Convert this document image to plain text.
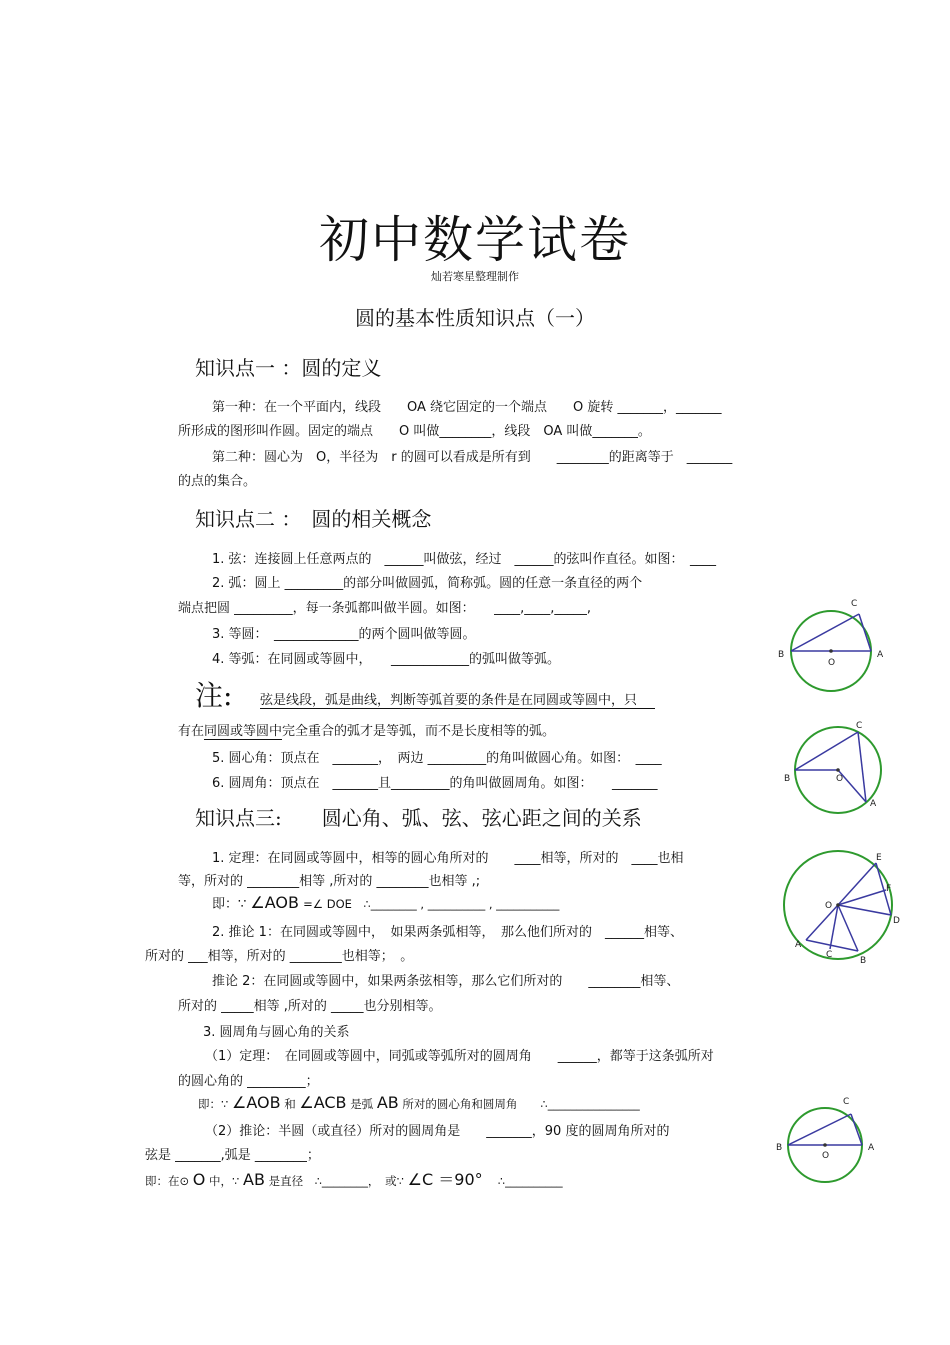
初中数学试卷
灿若寒星整理制作
圆的基本性质知识点（一）
知识点一 ：圆的定义
第一种：在一个平面内，线段　　OA 绕它固定的一个端点　　O 旋转 _______，_______
所形成的图形叫作圆。固定的端点　　O 叫做________，线段　OA 叫做_______。
第二种：圆心为　O，半径为　r 的圆可以看成是所有到　　________的距离等于　_______
的点的集合。
知识点二 ：　圆的相关概念
1. 弦：连接圆上任意两点的　______叫做弦，经过　______的弦叫作直径。如图：　____
2. 弧：圆上 _________的部分叫做圆弧，简称弧。圆的任意一条直径的两个
端点把圆 _________，每一条弧都叫做半圆。如图：　　____,____,_____,
3. 等圆：　_____________的两个圆叫做等圆。
4. 等弧：在同圆或等圆中，　　____________的弧叫做等弧。
注: 弦是线段，弧是曲线，判断等弧首要的条件是在同圆或等圆中，只
有在同圆或等圆中完全重合的弧才是等弧，而不是长度相等的弧。
5. 圆心角：顶点在　_______，　两边 _________的角叫做圆心角。如图：　____
6. 圆周角：顶点在　_______且_________的角叫做圆周角。如图：　　_______
知识点三:　　圆心角、弧、弦、弦心距之间的关系
1. 定理：在同圆或等圆中，相等的圆心角所对的　　____相等，所对的　____也相
等，所对的 ________相等 ,所对的 ________也相等 ,;
即：∵ ∠AOB =∠ DOE　∴________ , __________ , ___________
2. 推论 1：在同圆或等圆中，　如果两条弧相等，　那么他们所对的　______相等、
所对的 ___相等，所对的 ________也相等；　。
推论 2：在同圆或等圆中，如果两条弦相等，那么它们所对的　　________相等、
所对的 _____相等 ,所对的 _____也分别相等。
3. 圆周角与圆心角的关系
（1）定理：　在同圆或等圆中，同弧或等弧所对的圆周角　　______，都等于这条弧所对
的圆心角的 _________；
即：∵ ∠AOB 和 ∠ACB 是弧 AB 所对的圆心角和圆周角　　∴________________
（2）推论：半圆（或直径）所对的圆周角是　　_______，90 度的圆周角所对的
弦是 _______,弧是 ________；
即：在⊙ O 中，∵ AB 是直径　∴________，　或∵ ∠C ＝90° 　∴__________
C
B
O
A
C
B	O
A
E
F
O
D
A
C
B
C
B
O
A
